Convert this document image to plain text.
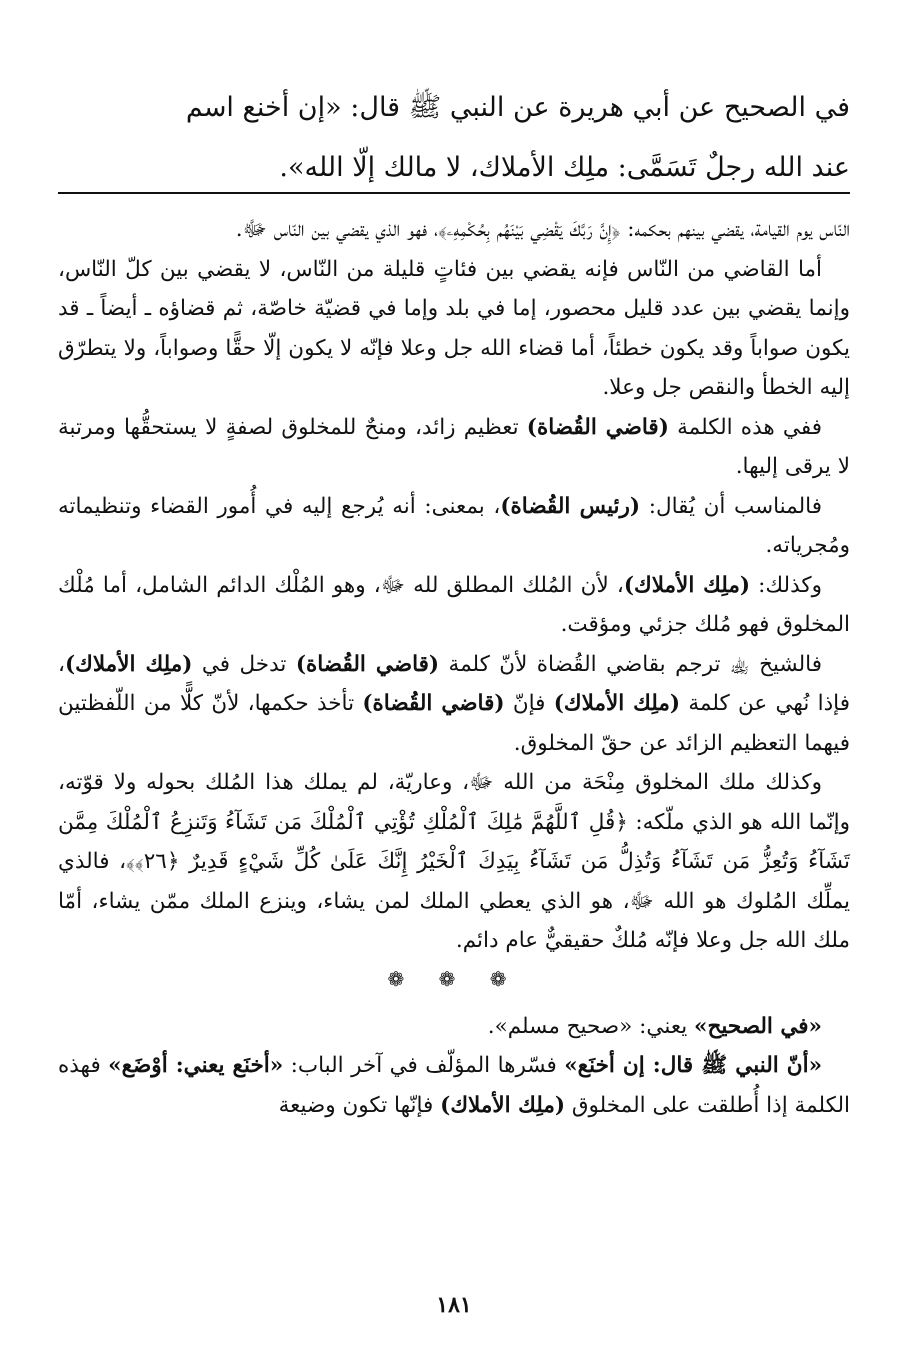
في الصحيح عن أبي هريرة عن النبي ﷺ قال: «إن أخنع اسم
عند الله رجلٌ تَسَمَّى: ملِك الأملاك، لا مالك إلّا الله».

النّاس يوم القيامة، يقضي بينهم بحكمه: ﴿إِنَّ رَبَّكَ يَقْضِي بَيْنَهُم بِحُكْمِهِۦ﴾، فهو الذي يقضي بين النّاس ﷻ.

أما القاضي من النّاس فإنه يقضي بين فئاتٍ قليلة من النّاس، لا يقضي بين كلّ النّاس، وإنما يقضي بين عدد قليل محصور، إما في بلد وإما في قضيّة خاصّة، ثم قضاؤه ـ أيضاً ـ قد يكون صواباً وقد يكون خطئاً، أما قضاء الله جل وعلا فإنّه لا يكون إلّا حقًّا وصواباً، ولا يتطرّق إليه الخطأ والنقص جل وعلا.

ففي هذه الكلمة (قاضي القُضاة) تعظيم زائد، ومنحٌ للمخلوق لصفةٍ لا يستحقُّها ومرتبة لا يرقى إليها.

فالمناسب أن يُقال: (رئيس القُضاة)، بمعنى: أنه يُرجع إليه في أُمور القضاء وتنظيماته ومُجرياته.

وكذلك: (ملِك الأملاك)، لأن المُلك المطلق لله ﷻ، وهو المُلْك الدائم الشامل، أما مُلْك المخلوق فهو مُلك جزئي ومؤقت.

فالشيخ ﵀ ترجم بقاضي القُضاة لأنّ كلمة (قاضي القُضاة) تدخل في (ملِك الأملاك)، فإذا نُهي عن كلمة (ملِك الأملاك) فإنّ (قاضي القُضاة) تأخذ حكمها، لأنّ كلًّا من اللّفظتين فيهما التعظيم الزائد عن حقّ المخلوق.

وكذلك ملك المخلوق مِنْحَة من الله ﷻ، وعاريّة، لم يملك هذا المُلك بحوله ولا قوّته، وإنّما الله هو الذي ملّكه: ﴿قُلِ ٱللَّهُمَّ مَٰلِكَ ٱلْمُلْكِ تُؤْتِي ٱلْمُلْكَ مَن تَشَآءُ وَتَنزِعُ ٱلْمُلْكَ مِمَّن تَشَآءُ وَتُعِزُّ مَن تَشَآءُ وَتُذِلُّ مَن تَشَآءُ بِيَدِكَ ٱلْخَيْرُ إِنَّكَ عَلَىٰ كُلِّ شَيْءٍ قَدِيرٌ ﴿٢٦﴾﴾، فالذي يملِّك المُلوك هو الله ﷻ، هو الذي يعطي الملك لمن يشاء، وينزع الملك ممّن يشاء، أمّا ملك الله جل وعلا فإنّه مُلكٌ حقيقيٌّ عام دائم.

❁ ❁ ❁

«في الصحيح» يعني: «صحيح مسلم».

«أنّ النبي ﷺ قال: إن أخنَع» فسّرها المؤلّف في آخر الباب: «أخنَع يعني: أوْضَع» فهذه الكلمة إذا أُطلقت على المخلوق (ملِك الأملاك) فإنّها تكون وضيعة

١٨١
